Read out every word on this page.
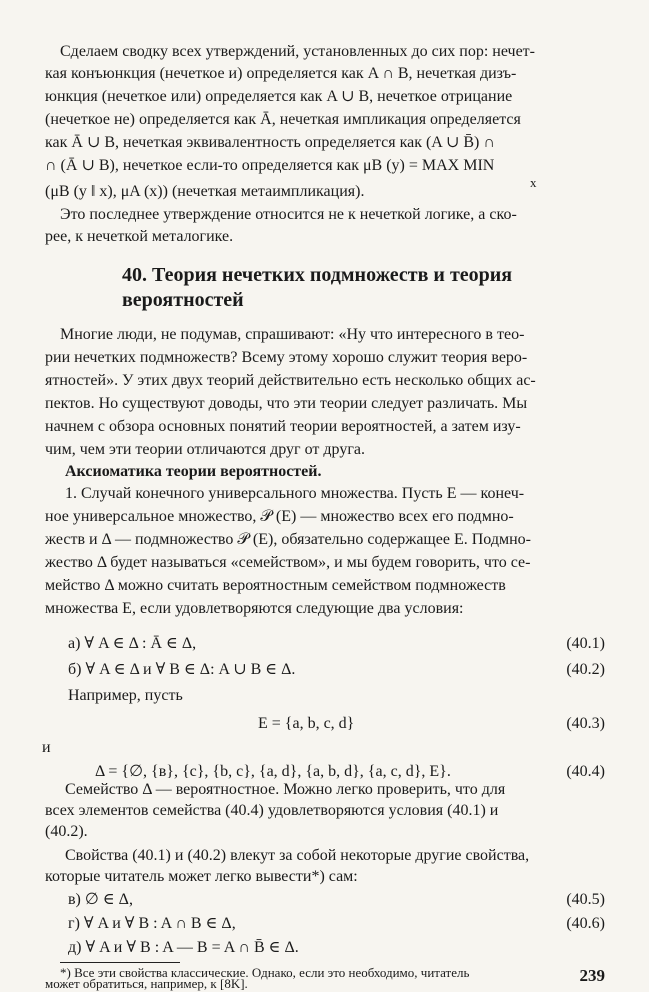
Сделаем сводку всех утверждений, установленных до сих пор: нечет-
кая конъюнкция (нечеткое и) определяется как A ∩ B, нечеткая дизъ-
юнкция (нечеткое или) определяется как A ∪ B, нечеткое отрицание
(нечеткое не) определяется как Ā, нечеткая импликация определяется
как Ā ∪ B, нечеткая эквивалентность определяется как (A ∪ B̄) ∩
∩ (Ā ∪ B), нечеткое если-то определяется как μB (y) = MAX MIN
x
(μB (y ‖ x), μA (x)) (нечеткая метаимпликация).
Это последнее утверждение относится не к нечеткой логике, а ско-
рее, к нечеткой металогике.
40. Теория нечетких подмножеств и теория
вероятностей
Многие люди, не подумав, спрашивают: «Ну что интересного в тео-
рии нечетких подмножеств? Всему этому хорошо служит теория веро-
ятностей». У этих двух теорий действительно есть несколько общих ас-
пектов. Но существуют доводы, что эти теории следует различать. Мы
начнем с обзора основных понятий теории вероятностей, а затем изу-
чим, чем эти теории отличаются друг от друга.
Аксиоматика теории вероятностей.
1. Случай конечного универсального множества. Пусть E — конеч-
ное универсальное множество, 𝒫 (E) — множество всех его подмно-
жеств и Δ — подмножество 𝒫 (E), обязательно содержащее E. Подмно-
жество Δ будет называться «семейством», и мы будем говорить, что се-
мейство Δ можно считать вероятностным семейством подмножеств
множества E, если удовлетворяются следующие два условия:
а) ∀ A ∈ Δ : Ā ∈ Δ,	(40.1)
б) ∀ A ∈ Δ и ∀ B ∈ Δ: A ∪ B ∈ Δ.	(40.2)
Например, пусть
E = {a, b, c, d}	(40.3)
и
Δ = {∅, {в}, {c}, {b, c}, {a, d}, {a, b, d}, {a, c, d}, E}.	(40.4)
Семейство Δ — вероятностное. Можно легко проверить, что для
всех элементов семейства (40.4) удовлетворяются условия (40.1) и
(40.2).
Свойства (40.1) и (40.2) влекут за собой некоторые другие свойства,
которые читатель может легко вывести*) сам:
в) ∅ ∈ Δ,	(40.5)
г) ∀ A и ∀ B : A ∩ B ∈ Δ,	(40.6)
д) ∀ A и ∀ B : A — B = A ∩ B̄ ∈ Δ.
*) Все эти свойства классические. Однако, если это необходимо, читатель
может обратиться, например, к [8K].	239
